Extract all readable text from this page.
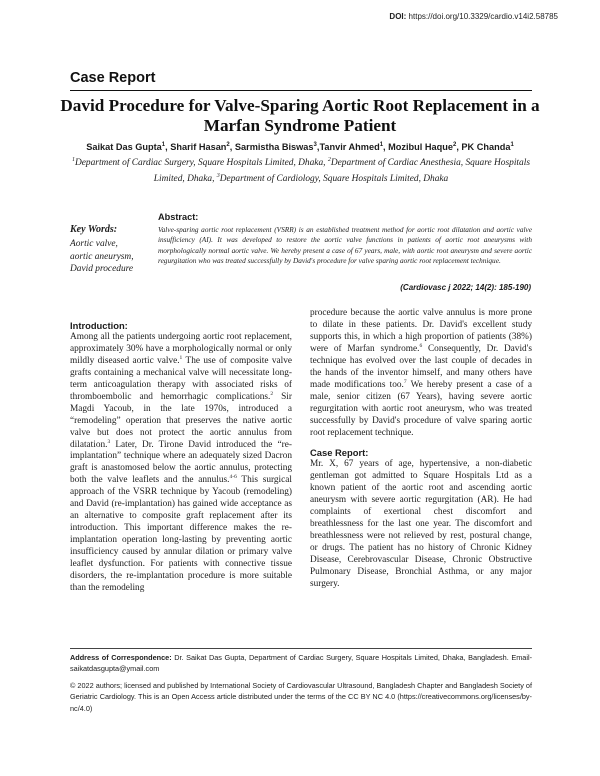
DOI: https://doi.org/10.3329/cardio.v14i2.58785
Case Report
David Procedure for Valve-Sparing Aortic Root Replacement in a Marfan Syndrome Patient
Saikat Das Gupta$^1$, Sharif Hasan$^2$, Sarmistha Biswas$^3$,Tanvir Ahmed$^1$, Mozibul Haque$^2$, PK Chanda$^1$
$^1$Department of Cardiac Surgery, Square Hospitals Limited, Dhaka, $^2$Department of Cardiac Anesthesia, Square Hospitals Limited, Dhaka, $^3$Department of Cardiology, Square Hospitals Limited, Dhaka
Key Words:
Aortic valve,
aortic aneurysm,
David procedure
Abstract:
Valve-sparing aortic root replacement (VSRR) is an established treatment method for aortic root dilatation and aortic valve insufficiency (AI). It was developed to restore the aortic valve functions in patients of aortic root aneurysms with morphologically normal aortic valve. We hereby present a case of 67 years, male, with aortic root aneurysm and severe aortic regurgitation who was treated successfully by David's procedure for valve sparing aortic root replacement technique.
(Cardiovasc j 2022; 14(2): 185-190)
Introduction:

Among all the patients undergoing aortic root replacement, approximately 30% have a morphologically normal or only mildly diseased aortic valve.$^1$ The use of composite valve grafts containing a mechanical valve will necessitate long-term anticoagulation therapy with associated risks of thromboembolic and hemorrhagic complications.$^2$ Sir Magdi Yacoub, in the late 1970s, introduced a “remodeling” operation that preserves the native aortic valve but does not protect the aortic annulus from dilatation.$^3$ Later, Dr. Tirone David introduced the “re-implantation” technique where an adequately sized Dacron graft is anastomosed below the aortic annulus, protecting both the valve leaflets and the annulus.$^{4-6}$ This surgical approach of the VSRR technique by Yacoub (remodeling) and David (re-implantation) has gained wide acceptance as an alternative to composite graft replacement after its introduction. This important difference makes the re-implantation operation long-lasting by preventing aortic insufficiency caused by annular dilation or primary valve leaflet dysfunction. For patients with connective tissue disorders, the re-implantation procedure is more suitable than the remodeling

procedure because the aortic valve annulus is more prone to dilate in these patients. Dr. David's excellent study supports this, in which a high proportion of patients (38%) were of Marfan syndrome.$^6$ Consequently, Dr. David's technique has evolved over the last couple of decades in the hands of the inventor himself, and many others have made modifications too.$^7$ We hereby present a case of a male, senior citizen (67 Years), having severe aortic regurgitation with aortic root aneurysm, who was treated successfully by David's procedure of valve sparing aortic root replacement technique.

Case Report:

Mr. X, 67 years of age, hypertensive, a non-diabetic gentleman got admitted to Square Hospitals Ltd as a known patient of the aortic root and ascending aortic aneurysm with severe aortic regurgitation (AR). He had complaints of exertional chest discomfort and breathlessness for the last one year. The discomfort and breathlessness were not relieved by rest, postural change, or drugs. The patient has no history of Chronic Kidney Disease, Cerebrovascular Disease, Chronic Obstructive Pulmonary Disease, Bronchial Asthma, or any major surgery.

Address of Correspondence: Dr. Saikat Das Gupta, Department of Cardiac Surgery, Square Hospitals Limited, Dhaka, Bangladesh. Email- saikatdasgupta@ymail.com
© 2022 authors; licensed and published by International Society of Cardiovascular Ultrasound, Bangladesh Chapter and Bangladesh Society of Geriatric Cardiology. This is an Open Access article distributed under the terms of the CC BY NC 4.0 (https://creativecommons.org/licenses/by-nc/4.0)
